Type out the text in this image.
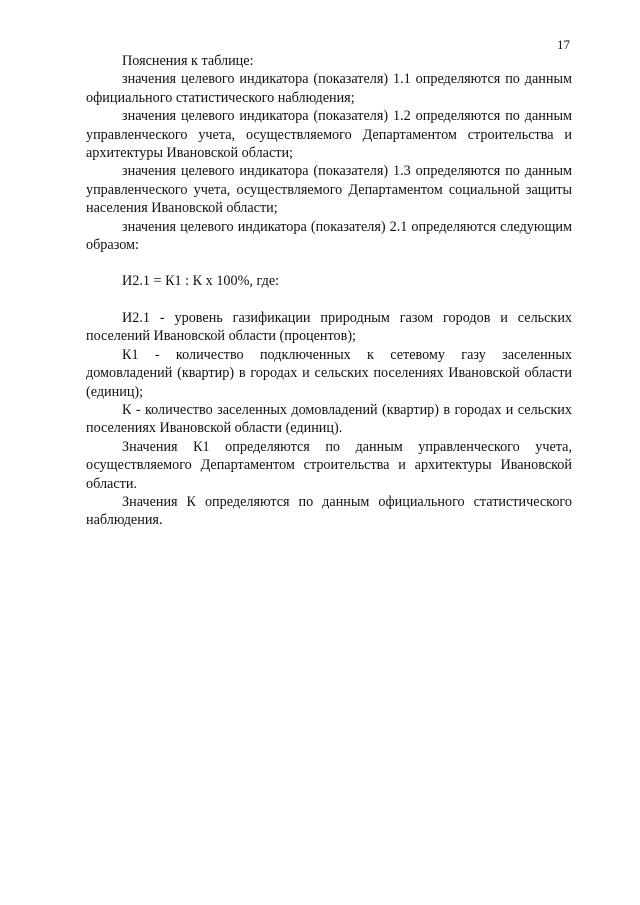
17

Пояснения к таблице:

значения целевого индикатора (показателя) 1.1 определяются по данным официального статистического наблюдения;

значения целевого индикатора (показателя) 1.2 определяются по данным управленческого учета, осуществляемого Департаментом строительства и архитектуры Ивановской области;

значения целевого индикатора (показателя) 1.3 определяются по данным управленческого учета, осуществляемого Департаментом социальной защиты населения Ивановской области;

значения целевого индикатора (показателя) 2.1 определяются следующим образом:

И2.1 = К1 : К x 100%, где:

И2.1 - уровень газификации природным газом городов и сельских поселений Ивановской области (процентов);

К1 - количество подключенных к сетевому газу заселенных домовладений (квартир) в городах и сельских поселениях Ивановской области (единиц);

К - количество заселенных домовладений (квартир) в городах и сельских поселениях Ивановской области (единиц).

Значения К1 определяются по данным управленческого учета, осуществляемого Департаментом строительства и архитектуры Ивановской области.

Значения К определяются по данным официального статистического наблюдения.
